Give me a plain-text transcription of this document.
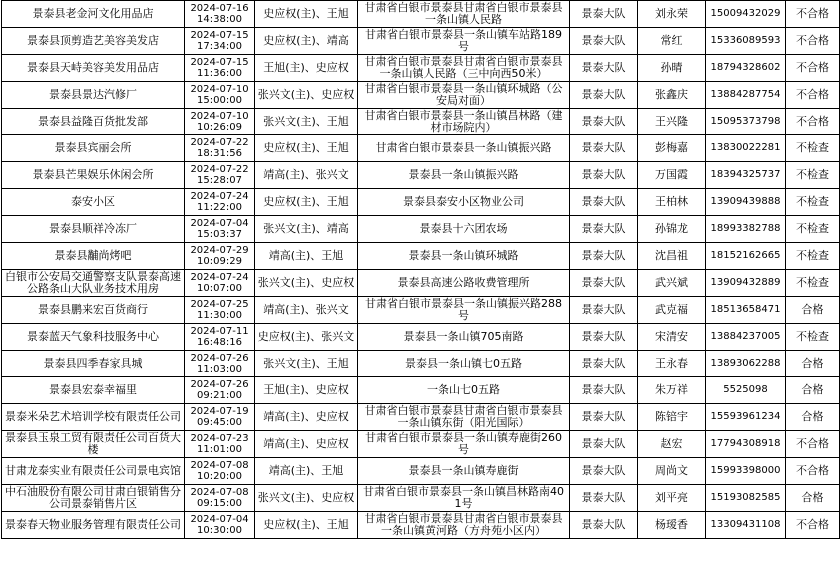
景泰县老金河文化用品店	2024-07-16
14:38:00	史应权(主)、王旭	甘肃省白银市景泰县甘肃省白银市景泰县一条山镇人民路	景泰大队	刘永荣	15009432029	不合格
景泰县顶剪造艺美容美发店	2024-07-15
17:34:00	史应权(主)、靖高	甘肃省白银市景泰县一条山镇车站路189号	景泰大队	常红	15336089593	不合格
景泰县天峙美容美发用品店	2024-07-15
11:36:00	王旭(主)、史应权	甘肃省白银市景泰县甘肃省白银市景泰县一条山镇人民路（三中向西50米）	景泰大队	孙晴	18794328602	不合格
景泰县景达汽修厂	2024-07-10
15:00:00	张兴文(主)、史应权	甘肃省白银市景泰县一条山镇环城路（公安局对面）	景泰大队	张鑫庆	13884287754	不合格
景泰县益隆百货批发部	2024-07-10
10:26:09	张兴文(主)、王旭	甘肃省白银市景泰县一条山镇昌林路（建材市场院内）	景泰大队	王兴隆	15095373798	不合格
景泰县宾丽会所	2024-07-22
18:31:56	史应权(主)、王旭	甘肃省白银市景泰县一条山镇振兴路	景泰大队	彭梅嘉	13830022281	不检查
景泰县芒果娱乐休闲会所	2024-07-22
15:28:07	靖高(主)、张兴文	景泰县一条山镇振兴路	景泰大队	万国霞	18394325737	不检查
泰安小区	2024-07-24
11:22:00	史应权(主)、王旭	景泰县泰安小区物业公司	景泰大队	王柏林	13909439888	不检查
景泰县顺祥冷冻厂	2024-07-04
15:03:37	张兴文(主)、靖高	景泰县十六团农场	景泰大队	孙锦龙	18993382788	不检查
景泰县黼尚烤吧	2024-07-29
10:09:29	靖高(主)、王旭	景泰县一条山镇环城路	景泰大队	沈昌祖	18152162665	不检查
白银市公安局交通警察支队景泰高速公路条山大队业务技术用房	2024-07-24
10:07:00	张兴文(主)、史应权	景泰县高速公路收费管理所	景泰大队	武兴斌	13909432889	不检查
景泰县鹏来宏百货商行	2024-07-25
11:30:00	靖高(主)、张兴文	甘肃省白银市景泰县一条山镇振兴路288号	景泰大队	武克福	18513658471	合格
景泰蓝天气象科技服务中心	2024-07-11
16:48:16	史应权(主)、张兴文	景泰县一条山镇705南路	景泰大队	宋清安	13884237005	不检查
景泰县四季春家具城	2024-07-26
11:03:00	张兴文(主)、王旭	景泰县一条山镇七0五路	景泰大队	王永春	13893062288	合格
景泰县宏泰幸福里	2024-07-26
09:21:00	王旭(主)、史应权	一条山七0五路	景泰大队	朱万祥	5525098	合格
景泰米朵艺术培训学校有限责任公司	2024-07-19
09:45:00	靖高(主)、史应权	甘肃省白银市景泰县甘肃省白银市景泰县一条山镇东街（阳光国际）	景泰大队	陈锫宇	15593961234	合格
景泰县玉泉工贸有限责任公司百货大楼	2024-07-23
11:01:00	靖高(主)、史应权	甘肃省白银市景泰县一条山镇寿鹿街260号	景泰大队	赵宏	17794308918	不合格
甘肃龙泰实业有限责任公司景电宾馆	2024-07-08
10:20:00	靖高(主)、王旭	景泰县一条山镇寿鹿街	景泰大队	周尚文	15993398000	不合格
中石油股份有限公司甘肃白银销售分公司景泰销售片区	2024-07-08
09:15:00	张兴文(主)、史应权	甘肃省白银市景泰县一条山镇昌林路南401号	景泰大队	刘平亮	15193082585	合格
景泰春天物业服务管理有限责任公司	2024-07-04
10:30:00	史应权(主)、王旭	甘肃省白银市景泰县甘肃省白银市景泰县一条山镇黄河路（方舟苑小区内）	景泰大队	杨瑷香	13309431108	不合格
